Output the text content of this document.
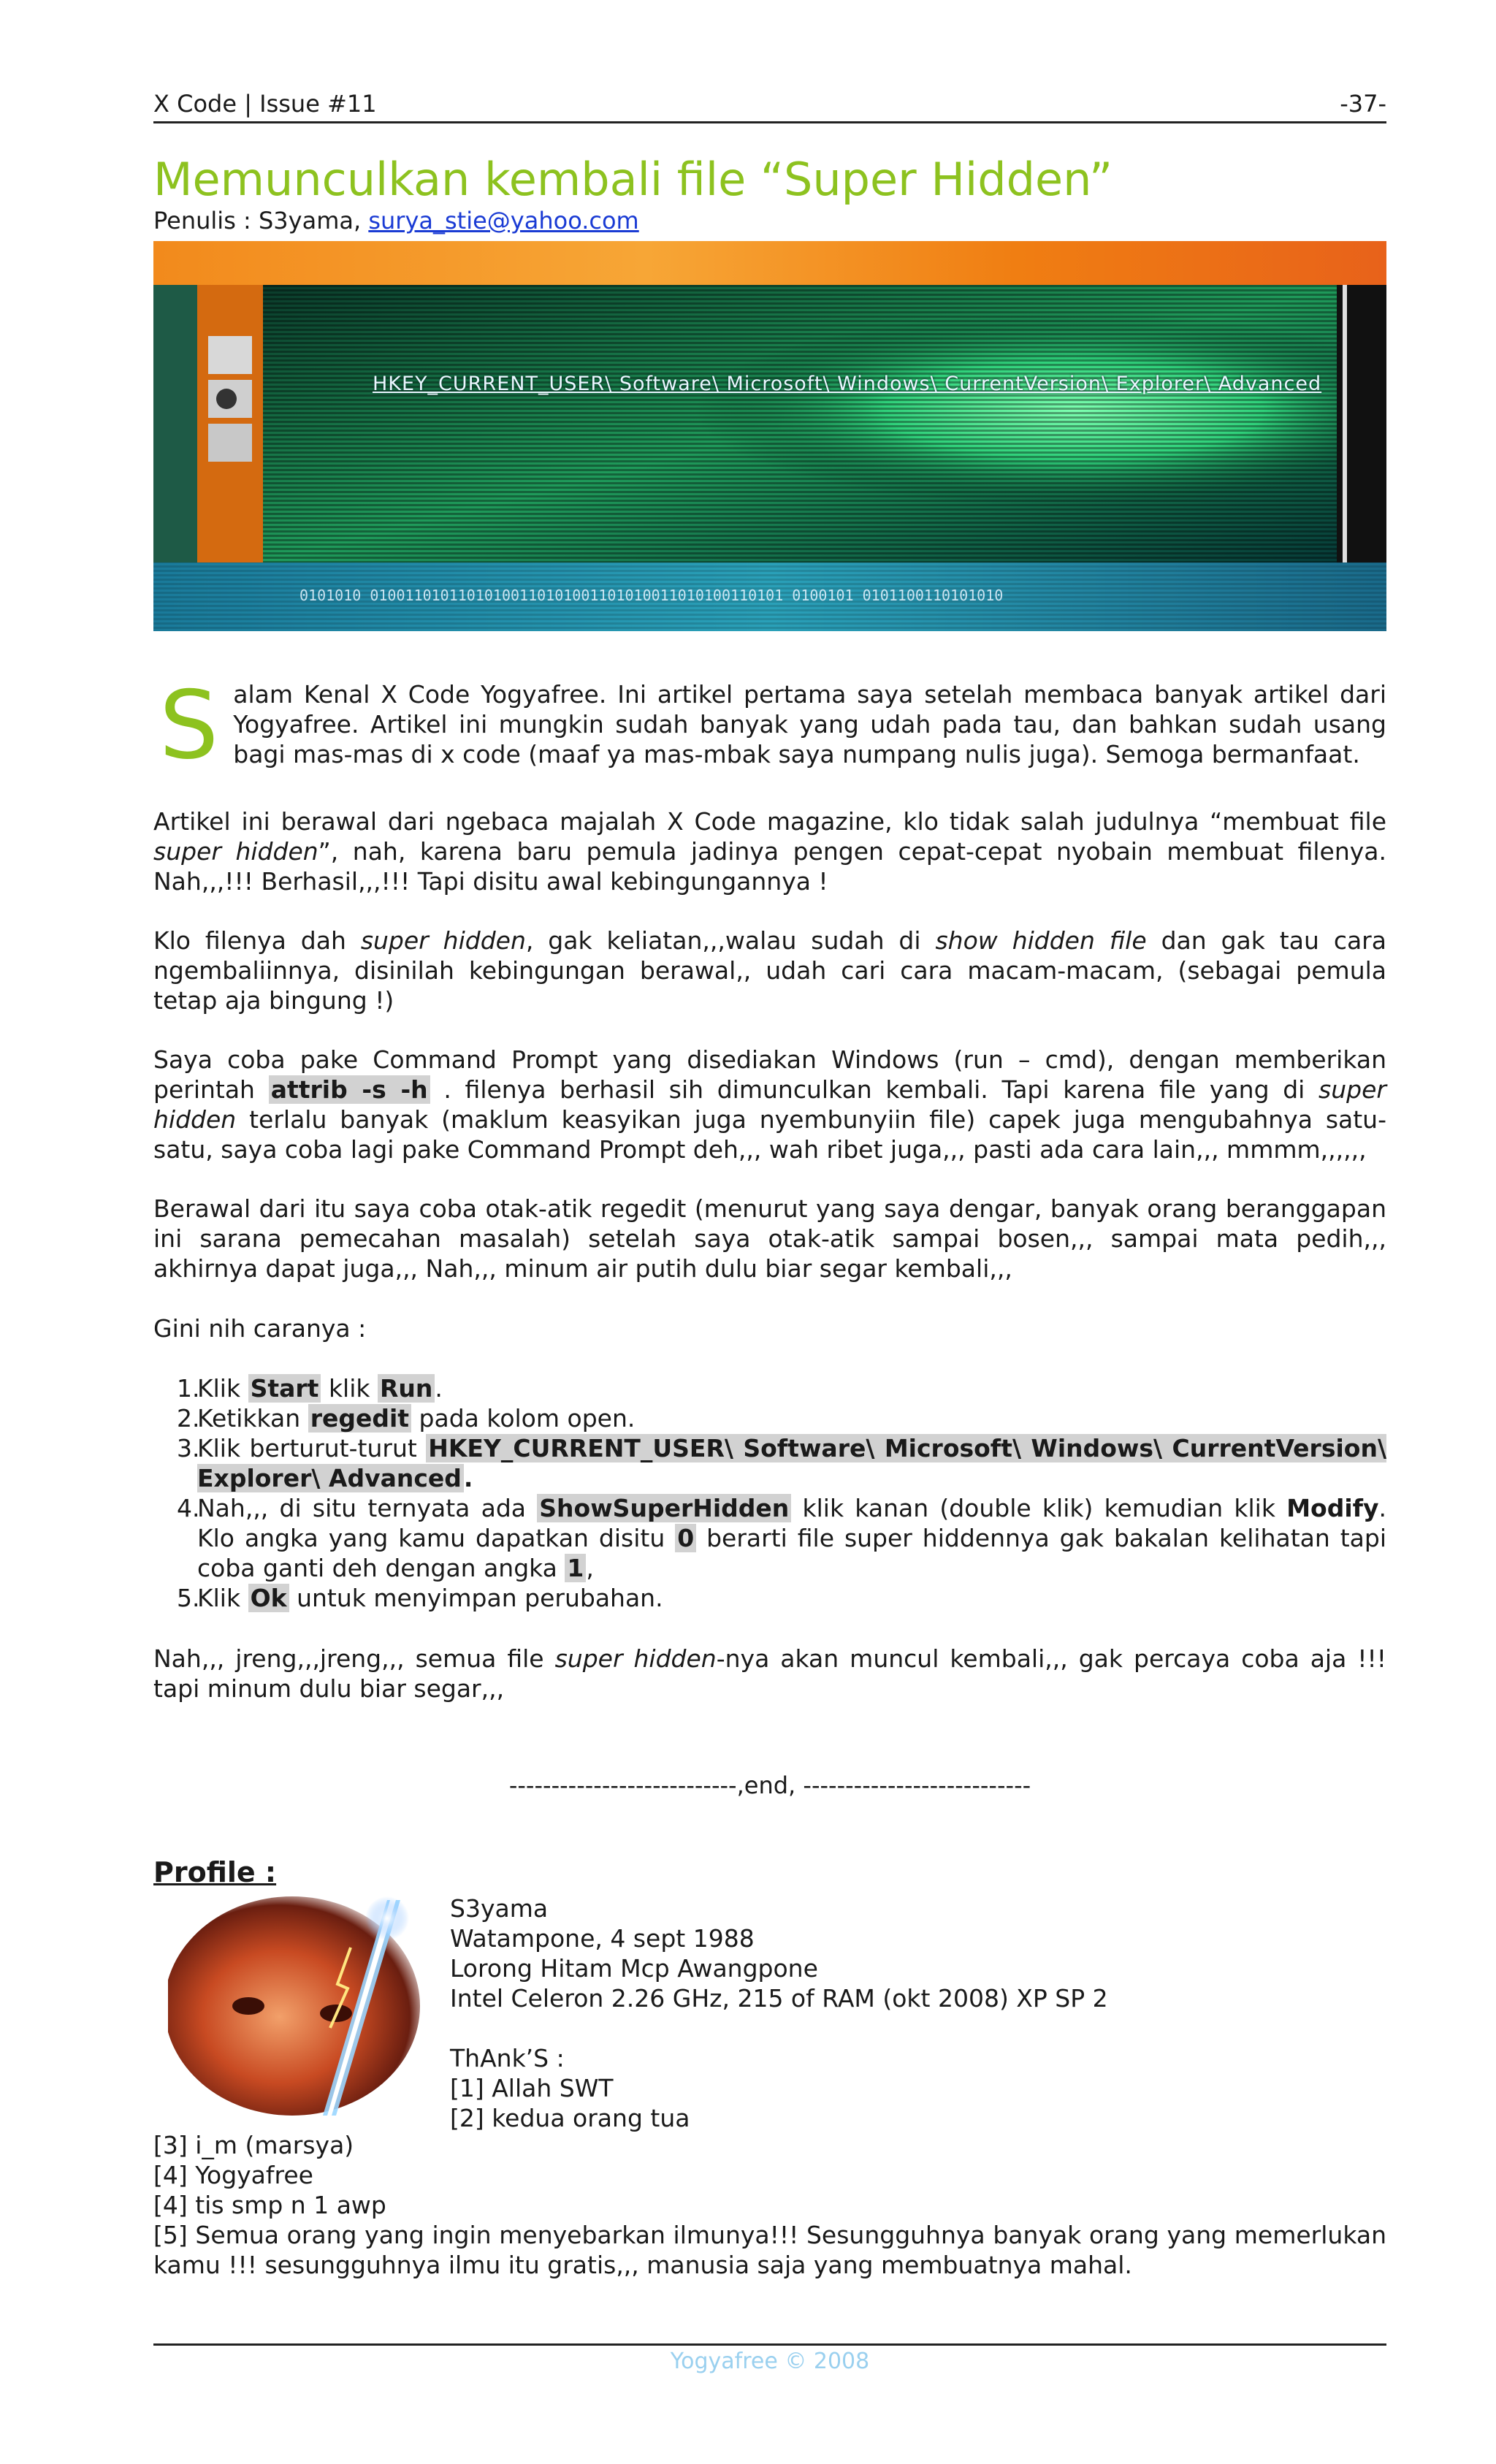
X Code | Issue #11	-37-
Memunculkan kembali file “Super Hidden”
Penulis : S3yama, surya_stie@yahoo.com
0101010 01001101011010100110101001101010011010100110101 0100101 0101100110101010
HKEY_CURRENT_USER\ Software\ Microsoft\ Windows\ CurrentVersion\ Explorer\ Advanced

Salam Kenal X Code Yogyafree. Ini artikel pertama saya setelah membaca banyak artikel dari Yogyafree. Artikel ini mungkin sudah banyak yang udah pada tau, dan bahkan sudah usang bagi mas-mas di x code (maaf ya mas-mbak saya numpang nulis juga). Semoga bermanfaat.

Artikel ini berawal dari ngebaca majalah X Code magazine, klo tidak salah judulnya “membuat file super hidden”, nah, karena baru pemula jadinya pengen cepat-cepat nyobain membuat filenya. Nah,,,!!! Berhasil,,,!!! Tapi disitu awal kebingungannya !

Klo filenya dah super hidden, gak keliatan,,,walau sudah di show hidden file dan gak tau cara ngembaliinnya, disinilah kebingungan berawal,, udah cari cara macam-macam, (sebagai pemula tetap aja bingung !)

Saya coba pake Command Prompt yang disediakan Windows (run – cmd), dengan memberikan perintah attrib -s -h . filenya berhasil sih dimunculkan kembali. Tapi karena file yang di super hidden terlalu banyak (maklum keasyikan juga nyembunyiin file) capek juga mengubahnya satu-satu, saya coba lagi pake Command Prompt deh,,, wah ribet juga,,, pasti ada cara lain,,, mmmm,,,,,,

Berawal dari itu saya coba otak-atik regedit (menurut yang saya dengar, banyak orang beranggapan ini sarana pemecahan masalah) setelah saya otak-atik sampai bosen,,, sampai mata pedih,,, akhirnya dapat juga,,, Nah,,, minum air putih dulu biar segar kembali,,,

Gini nih caranya :

1.
Klik Start klik Run.
2.
Ketikkan regedit pada kolom open.
3.
Klik berturut-turut HKEY_CURRENT_USER\ Software\ Microsoft\ Windows\ CurrentVersion\ Explorer\ Advanced.
4.
Nah,,, di situ ternyata ada ShowSuperHidden klik kanan (double klik) kemudian klik Modify. Klo angka yang kamu dapatkan disitu 0 berarti file super hiddennya gak bakalan kelihatan tapi coba ganti deh dengan angka 1,
5.
Klik Ok untuk menyimpan perubahan.

Nah,,, jreng,,,jreng,,, semua file super hidden-nya akan muncul kembali,,, gak percaya coba aja !!! tapi minum dulu biar segar,,,

---------------------------,end, ---------------------------
Profile :
S3yama
Watampone, 4 sept 1988
Lorong Hitam Mcp Awangpone
Intel Celeron 2.26 GHz, 215 of RAM (okt 2008) XP SP 2
ThAnk’S :
[1] Allah SWT
[2] kedua orang tua
[3] i_m (marsya)
[4] Yogyafree
[4] tis smp n 1 awp
[5] Semua orang yang ingin menyebarkan ilmunya!!! Sesungguhnya banyak orang yang memerlukan kamu !!! sesungguhnya ilmu itu gratis,,, manusia saja yang membuatnya mahal.
Yogyafree © 2008
